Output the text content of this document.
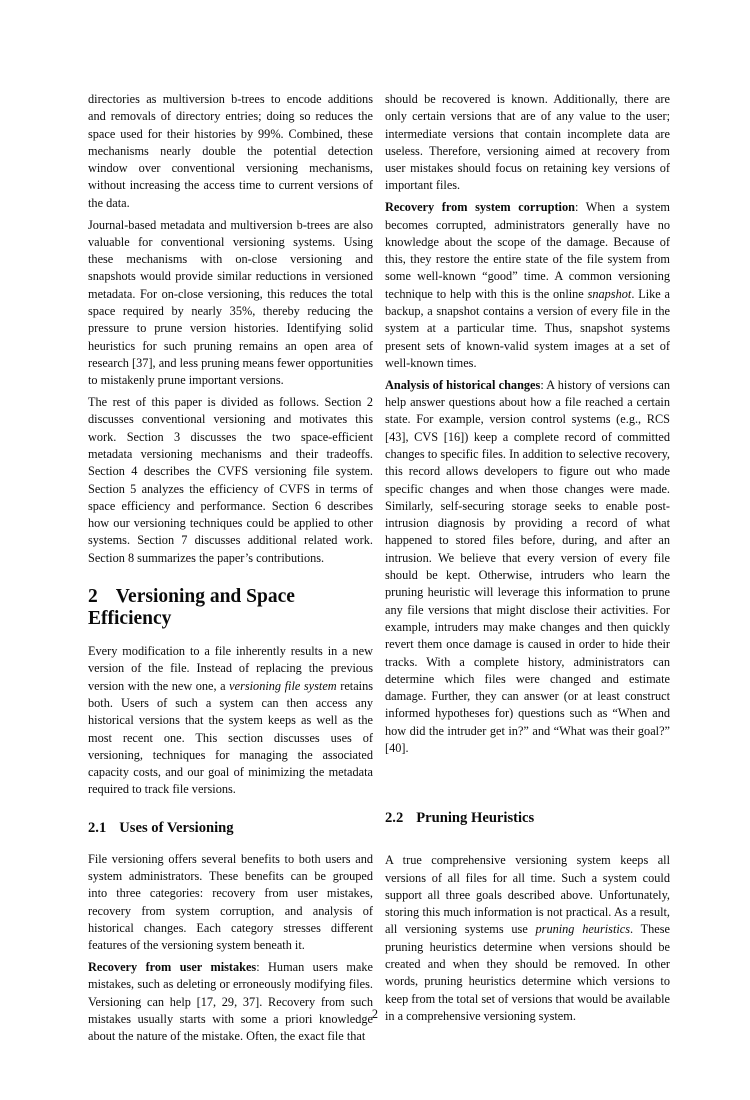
directories as multiversion b-trees to encode additions and removals of directory entries; doing so reduces the space used for their histories by 99%. Combined, these mechanisms nearly double the potential detection window over conventional versioning mechanisms, without increasing the access time to current versions of the data.

Journal-based metadata and multiversion b-trees are also valuable for conventional versioning systems. Using these mechanisms with on-close versioning and snapshots would provide similar reductions in versioned metadata. For on-close versioning, this reduces the total space required by nearly 35%, thereby reducing the pressure to prune version histories. Identifying solid heuristics for such pruning remains an open area of research [37], and less pruning means fewer opportunities to mistakenly prune important versions.

The rest of this paper is divided as follows. Section 2 discusses conventional versioning and motivates this work. Section 3 discusses the two space-efficient metadata versioning mechanisms and their tradeoffs. Section 4 describes the CVFS versioning file system. Section 5 analyzes the efficiency of CVFS in terms of space efficiency and performance. Section 6 describes how our versioning techniques could be applied to other systems. Section 7 discusses additional related work. Section 8 summarizes the paper’s contributions.

2 Versioning and Space Efficiency

Every modification to a file inherently results in a new version of the file. Instead of replacing the previous version with the new one, a versioning file system retains both. Users of such a system can then access any historical versions that the system keeps as well as the most recent one. This section discusses uses of versioning, techniques for managing the associated capacity costs, and our goal of minimizing the metadata required to track file versions.

2.1 Uses of Versioning

File versioning offers several benefits to both users and system administrators. These benefits can be grouped into three categories: recovery from user mistakes, recovery from system corruption, and analysis of historical changes. Each category stresses different features of the versioning system beneath it.

Recovery from user mistakes: Human users make mistakes, such as deleting or erroneously modifying files. Versioning can help [17, 29, 37]. Recovery from such mistakes usually starts with some a priori knowledge about the nature of the mistake. Often, the exact file that

should be recovered is known. Additionally, there are only certain versions that are of any value to the user; intermediate versions that contain incomplete data are useless. Therefore, versioning aimed at recovery from user mistakes should focus on retaining key versions of important files.

Recovery from system corruption: When a system becomes corrupted, administrators generally have no knowledge about the scope of the damage. Because of this, they restore the entire state of the file system from some well-known “good” time. A common versioning technique to help with this is the online snapshot. Like a backup, a snapshot contains a version of every file in the system at a particular time. Thus, snapshot systems present sets of known-valid system images at a set of well-known times.

Analysis of historical changes: A history of versions can help answer questions about how a file reached a certain state. For example, version control systems (e.g., RCS [43], CVS [16]) keep a complete record of committed changes to specific files. In addition to selective recovery, this record allows developers to figure out who made specific changes and when those changes were made. Similarly, self-securing storage seeks to enable post-intrusion diagnosis by providing a record of what happened to stored files before, during, and after an intrusion. We believe that every version of every file should be kept. Otherwise, intruders who learn the pruning heuristic will leverage this information to prune any file versions that might disclose their activities. For example, intruders may make changes and then quickly revert them once damage is caused in order to hide their tracks. With a complete history, administrators can determine which files were changed and estimate damage. Further, they can answer (or at least construct informed hypotheses for) questions such as “When and how did the intruder get in?” and “What was their goal?” [40].

2.2 Pruning Heuristics

A true comprehensive versioning system keeps all versions of all files for all time. Such a system could support all three goals described above. Unfortunately, storing this much information is not practical. As a result, all versioning systems use pruning heuristics. These pruning heuristics determine when versions should be created and when they should be removed. In other words, pruning heuristics determine which versions to keep from the total set of versions that would be available in a comprehensive versioning system.

2
